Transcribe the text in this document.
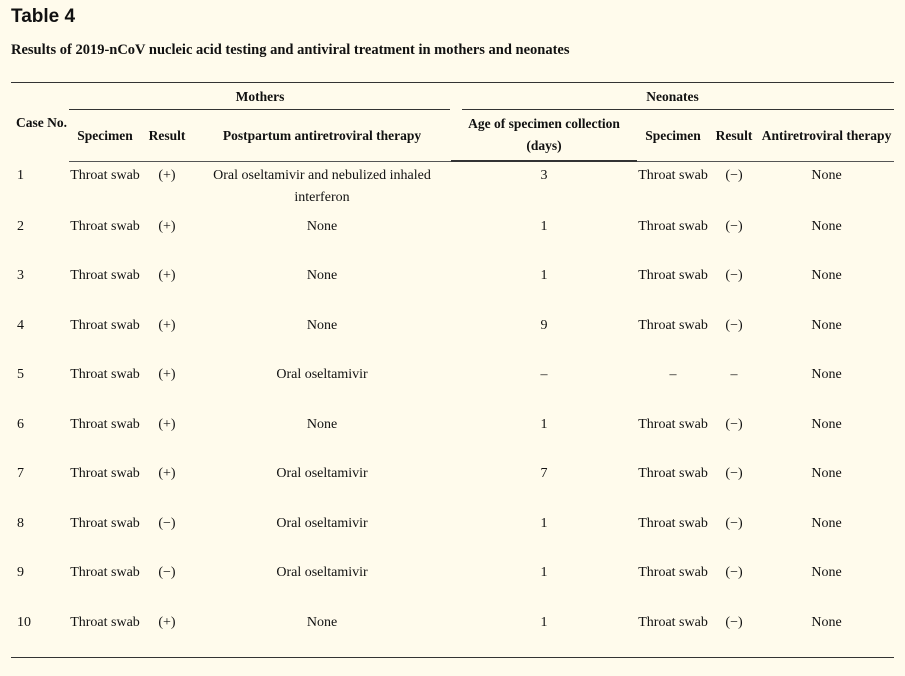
Table 4
Results of 2019-nCoV nucleic acid testing and antiviral treatment in mothers and neonates
Case No.	Mothers			Neonates			

	Specimen	Result	Postpartum antiretroviral therapy	Age of specimen collection (days)	Specimen	Result	Antiretroviral therapy
1	Throat swab	(+)	Oral oseltamivir and nebulized inhaled interferon	3	Throat swab	(−)	None
2	Throat swab	(+)	None	1	Throat swab	(−)	None
3	Throat swab	(+)	None	1	Throat swab	(−)	None
4	Throat swab	(+)	None	9	Throat swab	(−)	None
5	Throat swab	(+)	Oral oseltamivir	–	–	–	None
6	Throat swab	(+)	None	1	Throat swab	(−)	None
7	Throat swab	(+)	Oral oseltamivir	7	Throat swab	(−)	None
8	Throat swab	(−)	Oral oseltamivir	1	Throat swab	(−)	None
9	Throat swab	(−)	Oral oseltamivir	1	Throat swab	(−)	None
10	Throat swab	(+)	None	1	Throat swab	(−)	None
